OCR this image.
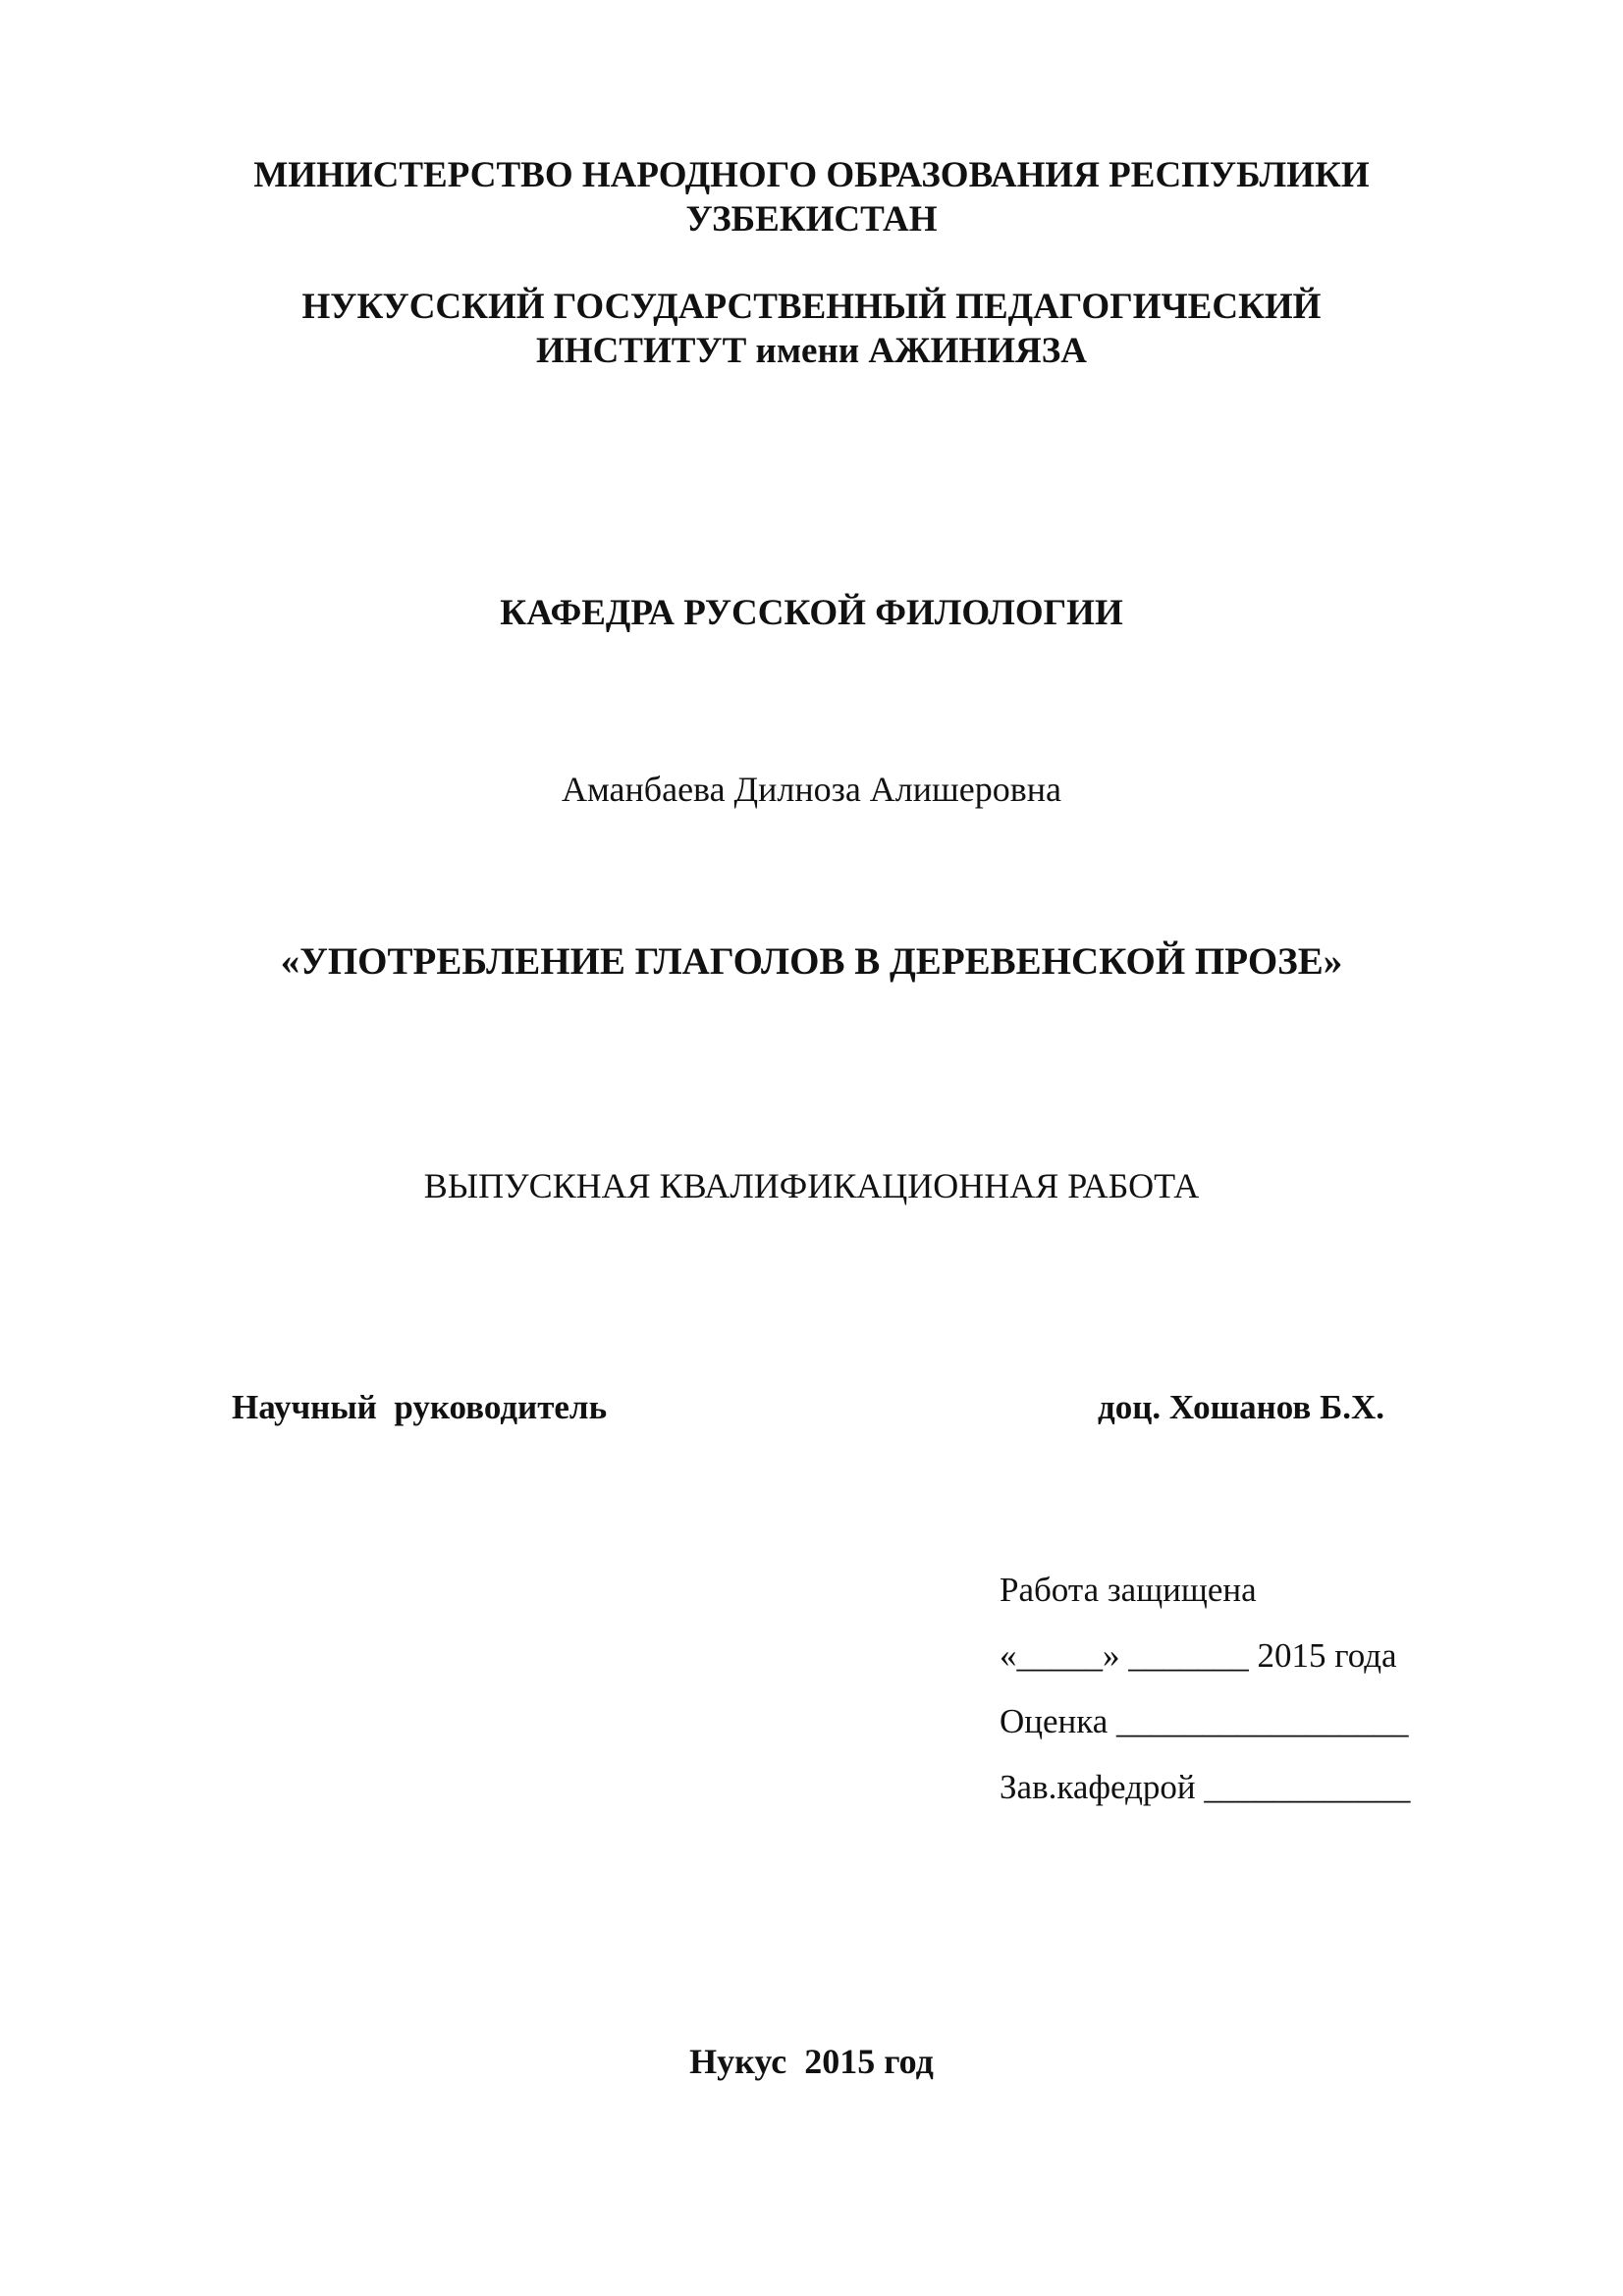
МИНИСТЕРСТВО НАРОДНОГО ОБРАЗОВАНИЯ РЕСПУБЛИКИ
УЗБЕКИСТАН
НУКУССКИЙ ГОСУДАРСТВЕННЫЙ ПЕДАГОГИЧЕСКИЙ
ИНСТИТУТ имени АЖИНИЯЗА
КАФЕДРА РУССКОЙ ФИЛОЛОГИИ
Аманбаева Дилноза Алишеровна
«УПОТРЕБЛЕНИЕ ГЛАГОЛОВ В ДЕРЕВЕНСКОЙ ПРОЗЕ»
ВЫПУСКНАЯ КВАЛИФИКАЦИОННАЯ РАБОТА
Научный  руководитель	доц. Хошанов Б.Х.
Работа защищена
«_____» _______ 2015 года
Оценка _________________
Зав.кафедрой ____________
Нукус  2015 год
